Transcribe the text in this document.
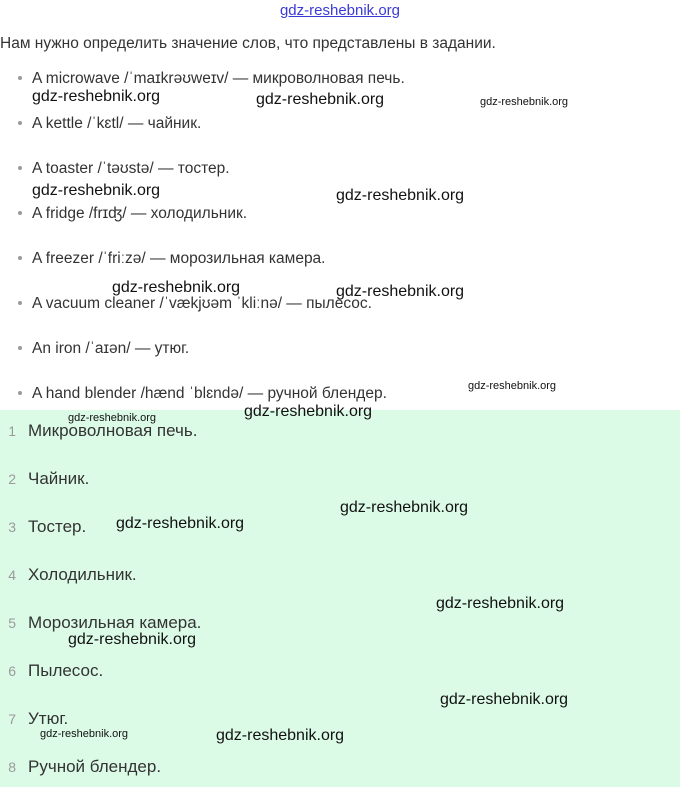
gdz-reshebnik.org
Нам нужно определить значение слов, что представлены в задании.
A microwave /ˈmaɪkrəʊweɪv/ — микроволновая печь.
A kettle /ˈkɛtl/ — чайник.
A toaster /ˈtəʊstə/ — тостер.
A fridge /frɪʤ/ — холодильник.
A freezer /ˈfriːzə/ — морозильная камера.
A vacuum cleaner /ˈvækjʊəm ˈkliːnə/ — пылесос.
An iron /ˈaɪən/ — утюг.
A hand blender /hænd ˈblɛndə/ — ручной блендер.
1 Микроволновая печь.
2 Чайник.
3 Тостер.
4 Холодильник.
5 Морозильная камера.
6 Пылесос.
7 Утюг.
8 Ручной блендер.
gdz-reshebnik.org	gdz-reshebnik.org	gdz-reshebnik.org
gdz-reshebnik.org	gdz-reshebnik.org
gdz-reshebnik.org	gdz-reshebnik.org
gdz-reshebnik.org
gdz-reshebnik.org	gdz-reshebnik.org
gdz-reshebnik.org
gdz-reshebnik.org
gdz-reshebnik.org
gdz-reshebnik.org
gdz-reshebnik.org
gdz-reshebnik.org	gdz-reshebnik.org
